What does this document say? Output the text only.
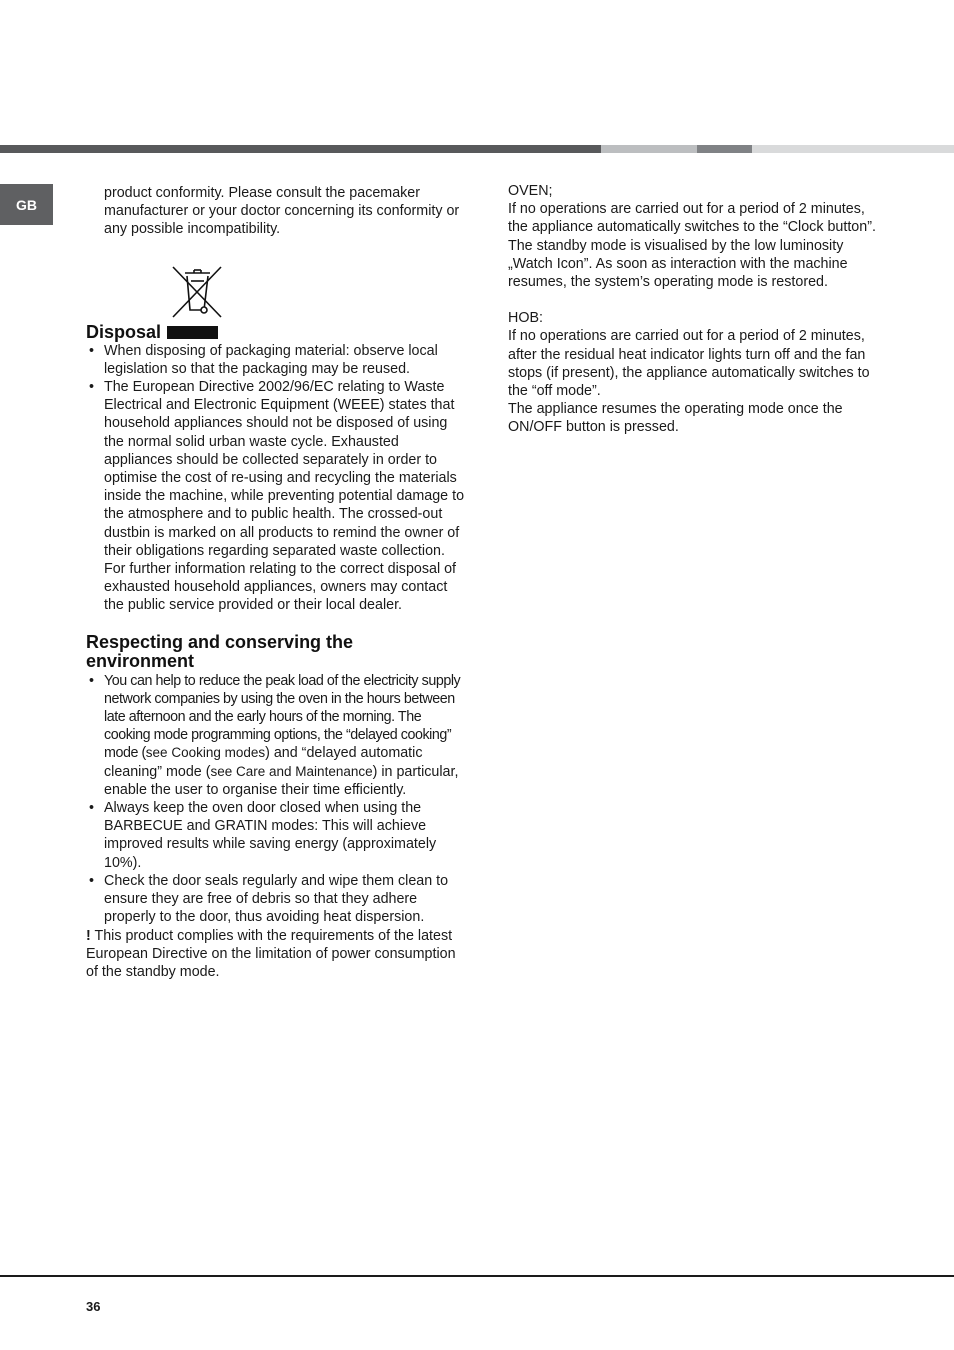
GB

product conformity. Please consult the pacemaker manufacturer or your doctor concerning its conformity or any possible incompatibility.

Disposal
• When disposing of packaging material: observe local legislation so that the packaging may be reused.
• The European Directive 2002/96/EC relating to Waste Electrical and Electronic Equipment (WEEE) states that household appliances should not be disposed of using the normal solid urban waste cycle. Exhausted appliances should be collected separately in order to optimise the cost of re-using and recycling the materials inside the machine, while preventing potential damage to the atmosphere and to public health. The crossed-out dustbin is marked on all products to remind the owner of their obligations regarding separated waste collection. For further information relating to the correct disposal of exhausted household appliances, owners may contact the public service provided or their local dealer.
Respecting and conserving the environment
• You can help to reduce the peak load of the electricity supply network companies by using the oven in the hours between late afternoon and the early hours of the morning. The cooking mode programming options, the “delayed cooking” mode (see Cooking modes) and “delayed automatic cleaning” mode (see Care and Maintenance) in particular, enable the user to organise their time efficiently.
• Always keep the oven door closed when using the BARBECUE and GRATIN modes: This will achieve improved results while saving energy (approximately 10%).
• Check the door seals regularly and wipe them clean to ensure they are free of debris so that they adhere properly to the door, thus avoiding heat dispersion.

! This product complies with the requirements of the latest European Directive on the limitation of power consumption of the standby mode.

OVEN;

If no operations are carried out for a period of 2 minutes, the appliance automatically switches to the “Clock button”. The standby mode is visualised by the low luminosity „Watch Icon”. As soon as interaction with the machine resumes, the system’s operating mode is restored.

HOB:

If no operations are carried out for a period of 2 minutes, after the residual heat indicator lights turn off and the fan stops (if present), the appliance automatically switches to the “off mode”.

The appliance resumes the operating mode once the ON/OFF button is pressed.

36
